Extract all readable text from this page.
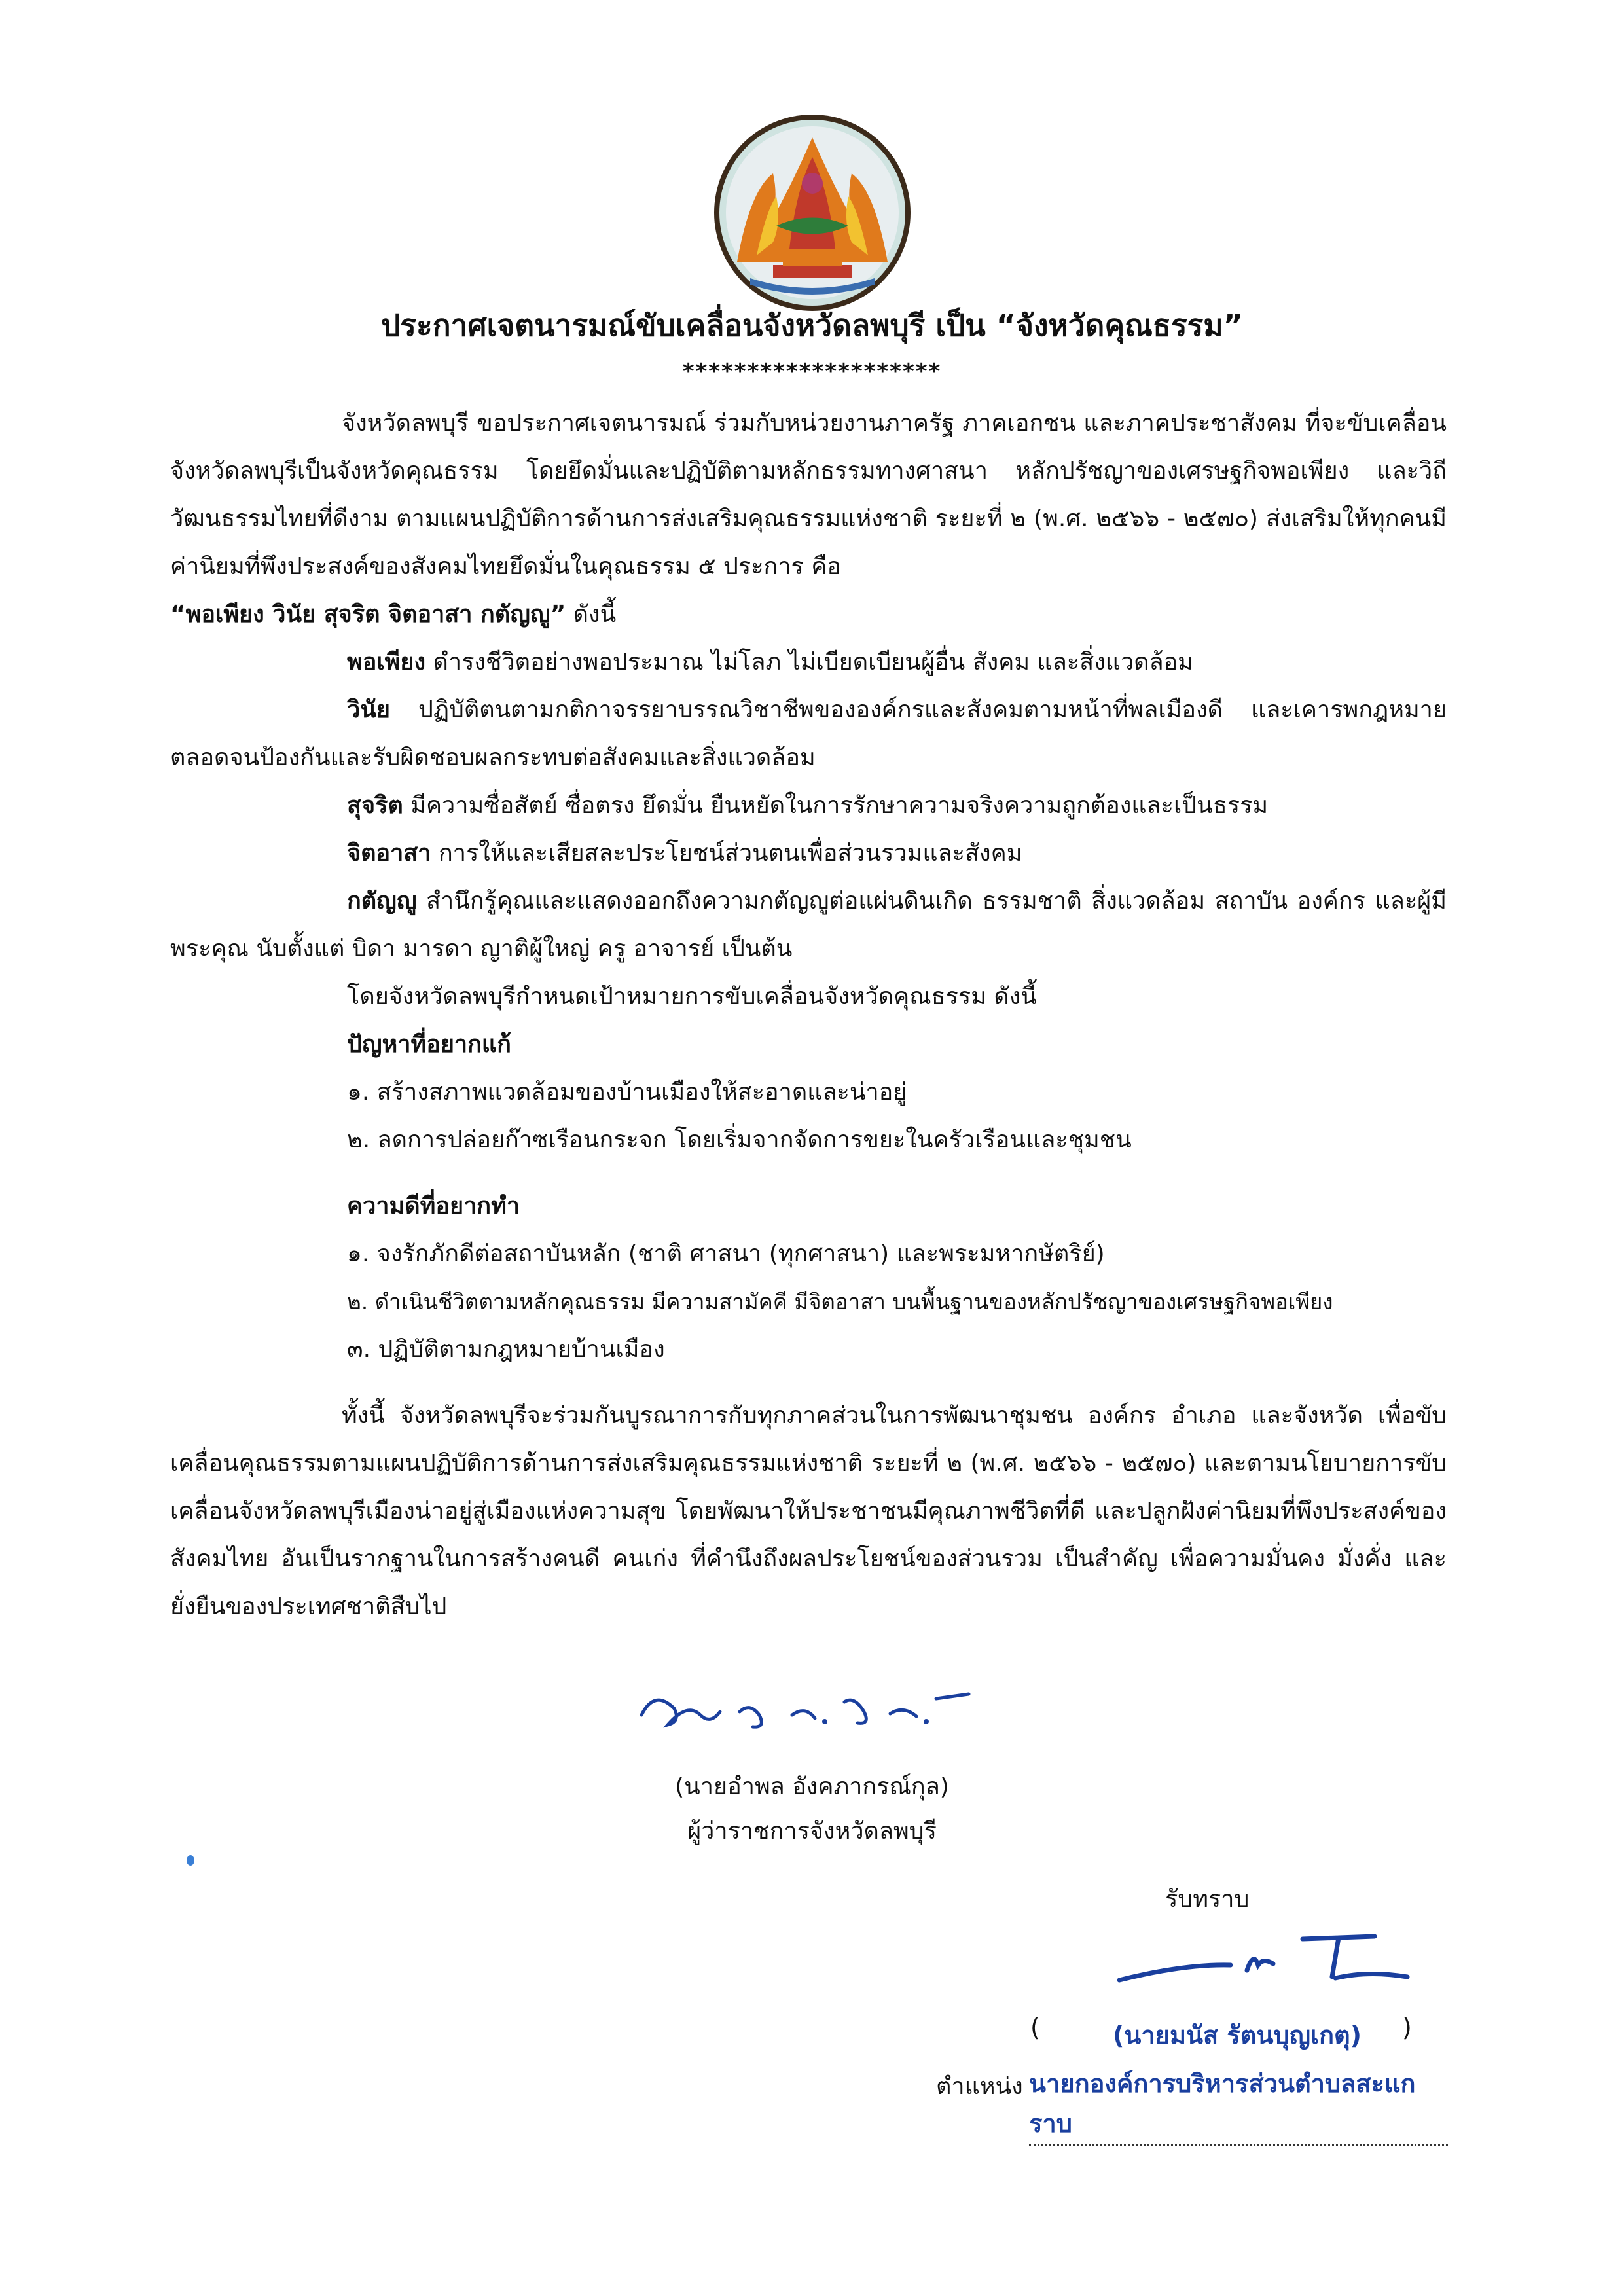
ประกาศเจตนารมณ์ขับเคลื่อนจังหวัดลพบุรี เป็น “จังหวัดคุณธรรม”
********************

จังหวัดลพบุรี ขอประกาศเจตนารมณ์ ร่วมกับหน่วยงานภาครัฐ ภาคเอกชน และภาคประชาสังคม ที่จะขับเคลื่อนจังหวัดลพบุรีเป็นจังหวัดคุณธรรม โดยยึดมั่นและปฏิบัติตามหลักธรรมทางศาสนา หลักปรัชญาของเศรษฐกิจพอเพียง และวิถีวัฒนธรรมไทยที่ดีงาม ตามแผนปฏิบัติการด้านการส่งเสริมคุณธรรมแห่งชาติ ระยะที่ ๒ (พ.ศ. ๒๕๖๖ - ๒๕๗๐) ส่งเสริมให้ทุกคนมีค่านิยมที่พึงประสงค์ของสังคมไทยยึดมั่นในคุณธรรม ๕ ประการ คือ

“พอเพียง วินัย สุจริต จิตอาสา กตัญญู” ดังนี้

พอเพียง ดำรงชีวิตอย่างพอประมาณ ไม่โลภ ไม่เบียดเบียนผู้อื่น สังคม และสิ่งแวดล้อม

วินัย ปฏิบัติตนตามกติกาจรรยาบรรณวิชาชีพขององค์กรและสังคมตามหน้าที่พลเมืองดี และเคารพกฎหมาย ตลอดจนป้องกันและรับผิดชอบผลกระทบต่อสังคมและสิ่งแวดล้อม

สุจริต มีความซื่อสัตย์ ซื่อตรง ยึดมั่น ยืนหยัดในการรักษาความจริงความถูกต้องและเป็นธรรม

จิตอาสา การให้และเสียสละประโยชน์ส่วนตนเพื่อส่วนรวมและสังคม

กตัญญู สำนึกรู้คุณและแสดงออกถึงความกตัญญูต่อแผ่นดินเกิด ธรรมชาติ สิ่งแวดล้อม สถาบัน องค์กร และผู้มีพระคุณ นับตั้งแต่ บิดา มารดา ญาติผู้ใหญ่ ครู อาจารย์ เป็นต้น

โดยจังหวัดลพบุรีกำหนดเป้าหมายการขับเคลื่อนจังหวัดคุณธรรม ดังนี้

ปัญหาที่อยากแก้

๑. สร้างสภาพแวดล้อมของบ้านเมืองให้สะอาดและน่าอยู่

๒. ลดการปล่อยก๊าซเรือนกระจก โดยเริ่มจากจัดการขยะในครัวเรือนและชุมชน

ความดีที่อยากทำ

๑. จงรักภักดีต่อสถาบันหลัก (ชาติ ศาสนา (ทุกศาสนา) และพระมหากษัตริย์)

๒. ดำเนินชีวิตตามหลักคุณธรรม มีความสามัคคี มีจิตอาสา บนพื้นฐานของหลักปรัชญาของเศรษฐกิจพอเพียง

๓. ปฏิบัติตามกฎหมายบ้านเมือง

ทั้งนี้ จังหวัดลพบุรีจะร่วมกันบูรณาการกับทุกภาคส่วนในการพัฒนาชุมชน องค์กร อำเภอ และจังหวัด เพื่อขับเคลื่อนคุณธรรมตามแผนปฏิบัติการด้านการส่งเสริมคุณธรรมแห่งชาติ ระยะที่ ๒ (พ.ศ. ๒๕๖๖ - ๒๕๗๐) และตามนโยบายการขับเคลื่อนจังหวัดลพบุรีเมืองน่าอยู่สู่เมืองแห่งความสุข โดยพัฒนาให้ประชาชนมีคุณภาพชีวิตที่ดี และปลูกฝังค่านิยมที่พึงประสงค์ของสังคมไทย อันเป็นรากฐานในการสร้างคนดี คนเก่ง ที่คำนึงถึงผลประโยชน์ของส่วนรวม เป็นสำคัญ เพื่อความมั่นคง มั่งคั่ง และยั่งยืนของประเทศชาติสืบไป

(นายอำพล อังคภากรณ์กุล)
ผู้ว่าราชการจังหวัดลพบุรี
รับทราบ
(	(นายมนัส รัตนบุญเกตุ) )
ตำแหน่ง นายกองค์การบริหารส่วนตำบลสะแกราบ
